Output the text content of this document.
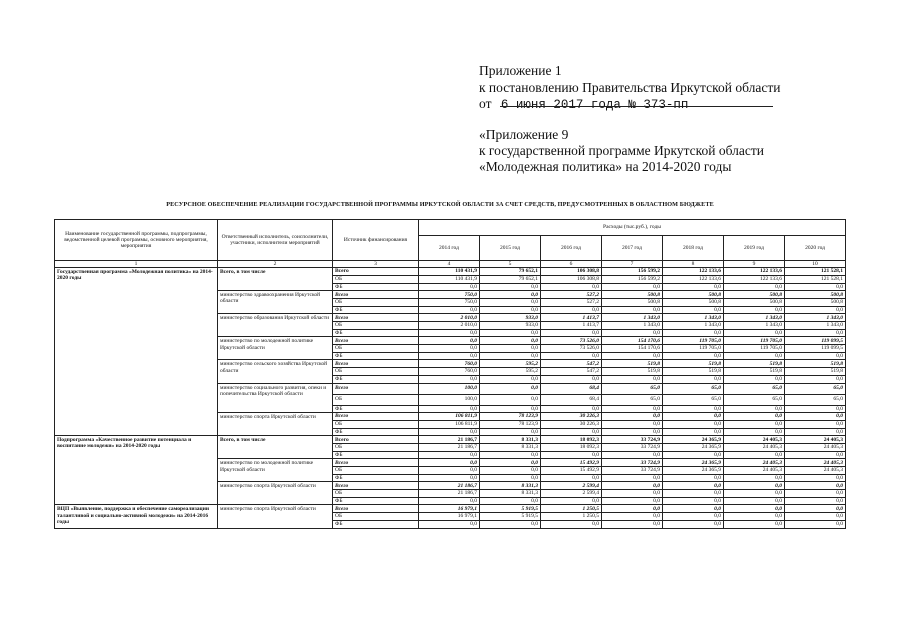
Приложение 1
к постановлению Правительства Иркутской области
от 6 июня 2017 года № 373-пп
«Приложение 9
к государственной программе Иркутской области
«Молодежная политика» на 2014-2020 годы
РЕСУРСНОЕ ОБЕСПЕЧЕНИЕ РЕАЛИЗАЦИИ ГОСУДАРСТВЕННОЙ ПРОГРАММЫ ИРКУТСКОЙ ОБЛАСТИ ЗА СЧЕТ СРЕДСТВ, ПРЕДУСМОТРЕННЫХ В ОБЛАСТНОМ БЮДЖЕТЕ
Наименование государственной программы, подпрограммы, ведомственной целевой программы, основного мероприятия, мероприятия	Ответственный исполнитель, соисполнители, участники, исполнители мероприятий	Источник финансирования	Расходы (тыс.руб.), годы						
			2014 год	2015 год	2016 год	2017 год	2018 год	2019 год	2020 год
1	2	3	4	5	6	7	8	9	10
Государственная программа «Молодежная политика» на 2014-2020 годы	Всего, в том числе	Всего	110 431,9	79 652,1	106 308,8	156 599,2	122 133,6	122 133,6	121 528,1
		ОБ	110 431,9	79 652,1	106 308,8	156 599,2	122 133,6	122 133,6	121 528,1
		ФБ	0,0	0,0	0,0	0,0	0,0	0,0	0,0
	министерство здравоохранения Иркутской области	Всего	750,0	0,0	527,2	500,8	500,8	500,8	500,8
		ОБ	750,0	0,0	527,2	500,8	500,8	500,8	500,8
		ФБ	0,0	0,0	0,0	0,0	0,0	0,0	0,0
	министерство образования Иркутской области	Всего	2 010,0	933,0	1 413,7	1 343,0	1 343,0	1 343,0	1 343,0
		ОБ	2 010,0	933,0	1 413,7	1 343,0	1 343,0	1 343,0	1 343,0
		ФБ	0,0	0,0	0,0	0,0	0,0	0,0	0,0
	министерство по молодежной политике Иркутской области	Всего	0,0	0,0	73 526,0	154 170,6	119 705,0	119 705,0	119 099,5
		ОБ	0,0	0,0	73 526,0	154 170,6	119 705,0	119 705,0	119 099,5
		ФБ	0,0	0,0	0,0	0,0	0,0	0,0	0,0
	министерство сельского хозяйства Иркутской области	Всего	760,0	595,2	547,2	519,8	519,8	519,8	519,8
		ОБ	760,0	595,2	547,2	519,8	519,8	519,8	519,8
		ФБ	0,0	0,0	0,0	0,0	0,0	0,0	0,0
	министерство социального развития, опеки и попечительства Иркутской области	Всего	100,0	0,0	68,4	65,0	65,0	65,0	65,0
		ОБ	100,0	0,0	68,4	65,0	65,0	65,0	65,0
		ФБ	0,0	0,0	0,0	0,0	0,0	0,0	0,0
	министерство спорта Иркутской области	Всего	106 811,9	78 123,9	30 226,3	0,0	0,0	0,0	0,0
		ОБ	106 811,9	78 123,9	30 226,3	0,0	0,0	0,0	0,0
		ФБ	0,0	0,0	0,0	0,0	0,0	0,0	0,0
Подпрограмма «Качественное развитие потенциала и воспитание молодежи» на 2014-2020 годы	Всего, в том числе	Всего	21 186,7	8 331,3	18 092,3	33 724,9	24 365,9	24 405,3	24 405,3
		ОБ	21 186,7	8 331,3	18 092,3	33 724,9	24 365,9	24 405,3	24 405,3
		ФБ	0,0	0,0	0,0	0,0	0,0	0,0	0,0
	министерство по молодежной политике Иркутской области	Всего	0,0	0,0	15 492,9	33 724,9	24 365,9	24 405,3	24 405,3
		ОБ	0,0	0,0	15 492,9	33 724,9	24 365,9	24 405,3	24 405,3
		ФБ	0,0	0,0	0,0	0,0	0,0	0,0	0,0
	министерство спорта Иркутской области	Всего	21 186,7	8 331,3	2 599,4	0,0	0,0	0,0	0,0
		ОБ	21 186,7	8 331,3	2 599,4	0,0	0,0	0,0	0,0
		ФБ	0,0	0,0	0,0	0,0	0,0	0,0	0,0
ВЦП «Выявление, поддержка и обеспечение самореализации талантливой и социально-активной молодежи» на 2014-2016 годы	министерство спорта Иркутской области	Всего	16 979,1	5 919,5	1 250,5	0,0	0,0	0,0	0,0
		ОБ	16 979,1	5 919,5	1 250,5	0,0	0,0	0,0	0,0
		ФБ	0,0	0,0	0,0	0,0	0,0	0,0	0,0
